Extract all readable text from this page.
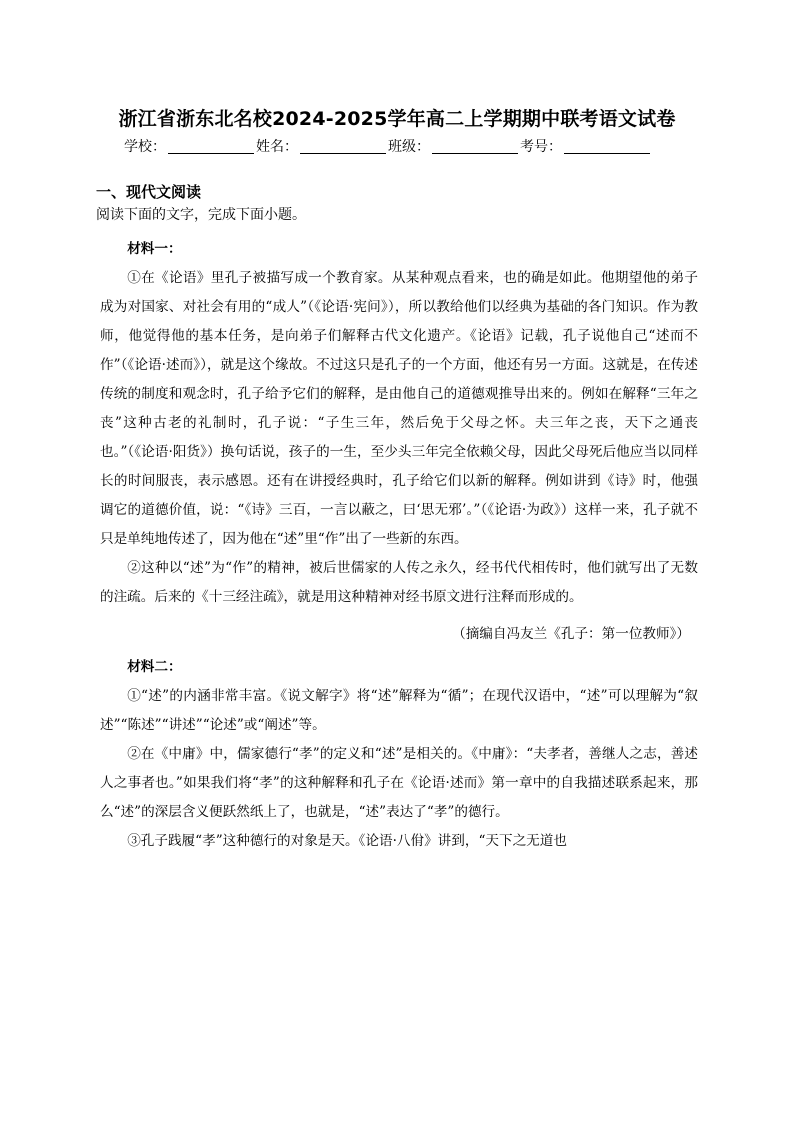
浙江省浙东北名校2024-2025学年高二上学期期中联考语文试卷
学校：	姓名：	班级：	考号：
一、现代文阅读
阅读下面的文字，完成下面小题。

材料一：

①在《论语》里孔子被描写成一个教育家。从某种观点看来，也的确是如此。他期望他的弟子成为对国家、对社会有用的“成人”（《论语·宪问》），所以教给他们以经典为基础的各门知识。作为教师，他觉得他的基本任务，是向弟子们解释古代文化遗产。《论语》记载，孔子说他自己“述而不作”（《论语·述而》），就是这个缘故。不过这只是孔子的一个方面，他还有另一方面。这就是，在传述传统的制度和观念时，孔子给予它们的解释，是由他自己的道德观推导出来的。例如在解释“三年之丧”这种古老的礼制时，孔子说：“子生三年，然后免于父母之怀。夫三年之丧，天下之通丧也。”（《论语·阳货》）换句话说，孩子的一生，至少头三年完全依赖父母，因此父母死后他应当以同样长的时间服丧，表示感恩。还有在讲授经典时，孔子给它们以新的解释。例如讲到《诗》时，他强调它的道德价值，说：“《诗》三百，一言以蔽之，曰‘思无邪’。”（《论语·为政》）这样一来，孔子就不只是单纯地传述了，因为他在“述”里“作”出了一些新的东西。

②这种以“述”为“作”的精神，被后世儒家的人传之永久，经书代代相传时，他们就写出了无数的注疏。后来的《十三经注疏》，就是用这种精神对经书原文进行注释而形成的。

（摘编自冯友兰《孔子：第一位教师》）

材料二：

①“述”的内涵非常丰富。《说文解字》将“述”解释为“循”；在现代汉语中，“述”可以理解为“叙述”“陈述”“讲述”“论述”或“阐述”等。

②在《中庸》中，儒家德行“孝”的定义和“述”是相关的。《中庸》：“夫孝者，善继人之志，善述人之事者也。”如果我们将“孝”的这种解释和孔子在《论语·述而》第一章中的自我描述联系起来，那么“述”的深层含义便跃然纸上了，也就是，“述”表达了“孝”的德行。

③孔子践履“孝”这种德行的对象是天。《论语·八佾》讲到，“天下之无道也
